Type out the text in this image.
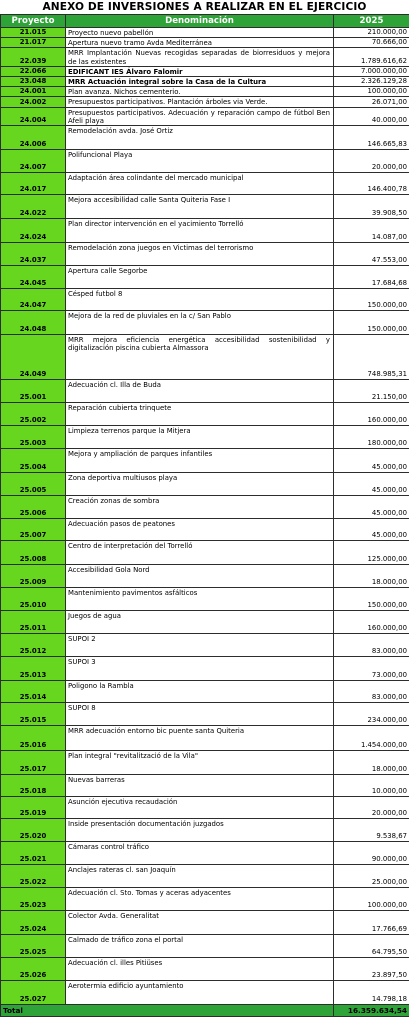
ANEXO DE INVERSIONES A REALIZAR EN EL EJERCICIO
Proyecto	Denominación	2025
21.015	Proyecto nuevo pabellón	210.000,00
21.017	Apertura nuevo tramo Avda Mediterránea	70.666,00
22.039	MRR Implantación Nuevas recogidas separadas de biorresiduos y mejora de las existentes	1.789.616,62
22.066	EDIFICANT IES Álvaro Falomir	7.000.000,00
23.048	MRR Actuación integral sobre la Casa de la Cultura	2.326.129,28
24.001	Plan avanza. Nichos cementerio.	100.000,00
24.002	Presupuestos participativos. Plantación árboles via Verde.	26.071,00
24.004	Presupuestos participativos. Adecuación y reparación campo de fútbol Ben Afeli playa	40.000,00
24.006	Remodelación avda. José Ortiz	146.665,83
24.007	Polifuncional Playa	20.000,00
24.017	Adaptación área colindante del mercado municipal	146.400,78
24.022	Mejora accesibilidad calle Santa Quiteria Fase I	39.908,50
24.024	Plan director intervención en el yacimiento Torrelló	14.087,00
24.037	Remodelación zona juegos en Victimas del terrorismo	47.553,00
24.045	Apertura calle Segorbe	17.684,68
24.047	Césped futbol 8	150.000,00
24.048	Mejora de la red de pluviales en la c/ San Pablo	150.000,00
24.049	MRR mejora eficiencia energética accesibilidad sostenibilidad y digitalización piscina cubierta Almassora	748.985,31
25.001	Adecuación cl. Illa de Buda	21.150,00
25.002	Reparación cubierta trinquete	160.000,00
25.003	Limpieza terrenos parque la Mitjera	180.000,00
25.004	Mejora y ampliación de parques infantiles	45.000,00
25.005	Zona deportiva multiusos playa	45.000,00
25.006	Creación zonas de sombra	45.000,00
25.007	Adecuación pasos de peatones	45.000,00
25.008	Centro de interpretación del Torrelló	125.000,00
25.009	Accesibilidad Gola Nord	18.000,00
25.010	Mantenimiento pavimentos asfálticos	150.000,00
25.011	Juegos de agua	160.000,00
25.012	SUPOI 2	83.000,00
25.013	SUPOI 3	73.000,00
25.014	Poligono la Rambla	83.000,00
25.015	SUPOI 8	234.000,00
25.016	MRR adecuación entorno bic puente santa Quiteria	1.454.000,00
25.017	Plan integral "revitalització de la Vila"	18.000,00
25.018	Nuevas barreras	10.000,00
25.019	Asunción ejecutiva recaudación	20.000,00
25.020	Inside presentación documentación juzgados	9.538,67
25.021	Cámaras control tráfico	90.000,00
25.022	Anclajes rateras cl. san Joaquín	25.000,00
25.023	Adecuación cl. Sto. Tomas y aceras adyacentes	100.000,00
25.024	Colector Avda. Generalitat	17.766,69
25.025	Calmado de tráfico zona el portal	64.795,50
25.026	Adecuación cl. illes Pitiüses	23.897,50
25.027	Aerotermia edificio ayuntamiento	14.798,18
Total		16.359.634,54
